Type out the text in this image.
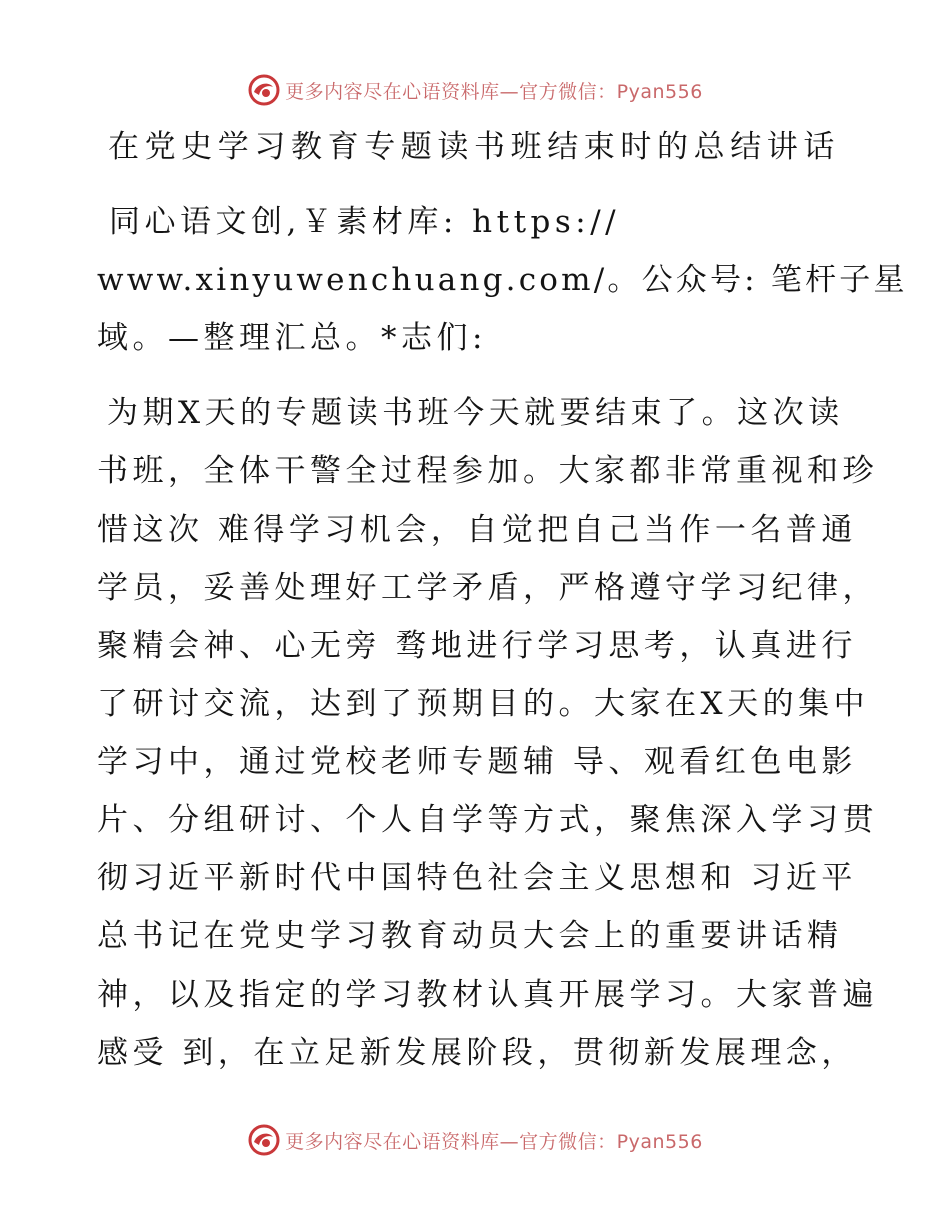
更多内容尽在心语资料库—官方微信：Pyan556
在党史学习教育专题读书班结束时的总结讲话
同心语文创,￥素材库: https://
www.xinyuwenchuang.com/。公众号: 笔杆子星
域。—整理汇总。*志们:
为期X天的专题读书班今天就要结束了。这次读
书班，全体干警全过程参加。大家都非常重视和珍
惜这次 难得学习机会，自觉把自己当作一名普通
学员，妥善处理好工学矛盾，严格遵守学习纪律，
聚精会神、心无旁 骛地进行学习思考，认真进行
了研讨交流，达到了预期目的。大家在X天的集中
学习中，通过党校老师专题辅 导、观看红色电影
片、分组研讨、个人自学等方式，聚焦深入学习贯
彻习近平新时代中国特色社会主义思想和 习近平
总书记在党史学习教育动员大会上的重要讲话精
神，以及指定的学习教材认真开展学习。大家普遍
感受 到，在立足新发展阶段，贯彻新发展理念，
更多内容尽在心语资料库—官方微信：Pyan556
